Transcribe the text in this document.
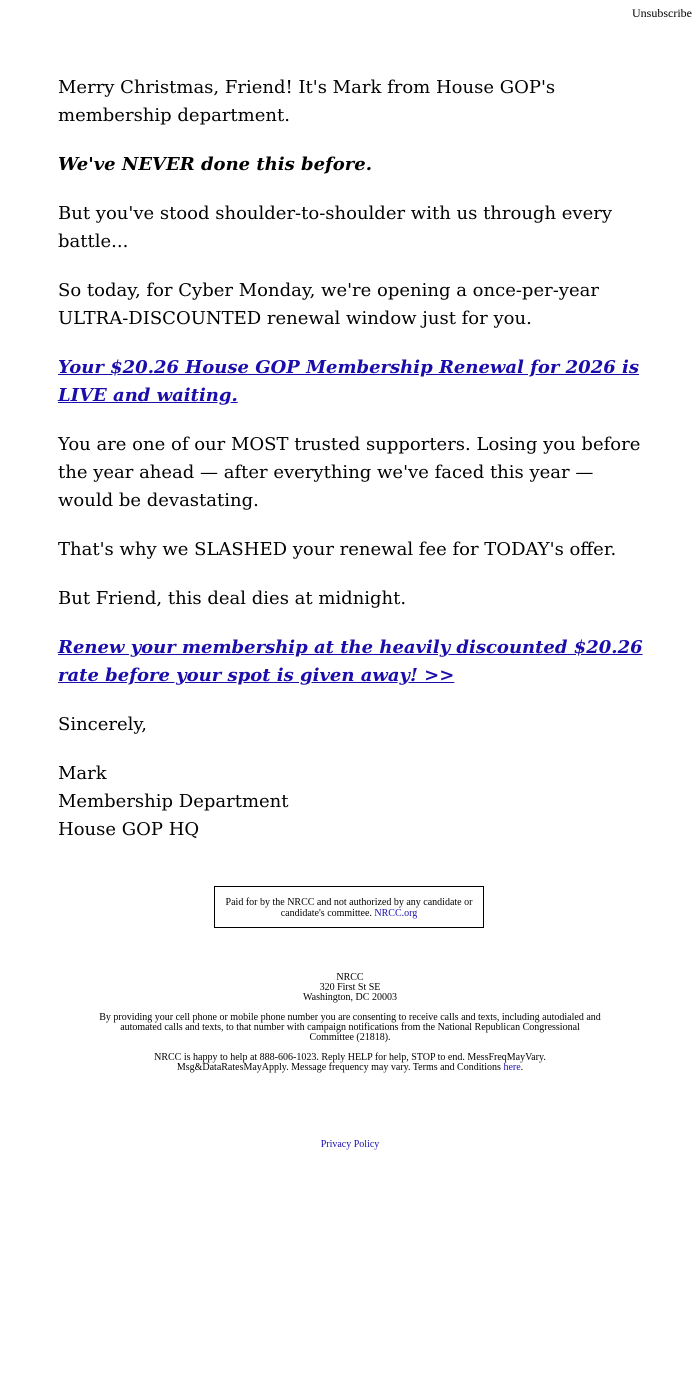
Unsubscribe

Merry Christmas, Friend! It's Mark from House GOP's membership department.

We've NEVER done this before.

But you've stood shoulder-to-shoulder with us through every battle...

So today, for Cyber Monday, we're opening a once-per-year ULTRA-DISCOUNTED renewal window just for you.

Your $20.26 House GOP Membership Renewal for 2026 is LIVE and waiting.

You are one of our MOST trusted supporters. Losing you before the year ahead — after everything we've faced this year — would be devastating.

That's why we SLASHED your renewal fee for TODAY's offer.

But Friend, this deal dies at midnight.

Renew your membership at the heavily discounted $20.26 rate before your spot is given away! >>

Sincerely,

Mark
Membership Department
House GOP HQ

Paid for by the NRCC and not authorized by any candidate or candidate's committee. NRCC.org

NRCC
320 First St SE
Washington, DC 20003

By providing your cell phone or mobile phone number you are consenting to receive calls and texts, including autodialed and automated calls and texts, to that number with campaign notifications from the National Republican Congressional Committee (21818).

NRCC is happy to help at 888-606-1023. Reply HELP for help, STOP to end. MessFreqMayVary. Msg&DataRatesMayApply. Message frequency may vary. Terms and Conditions here.

Privacy Policy
